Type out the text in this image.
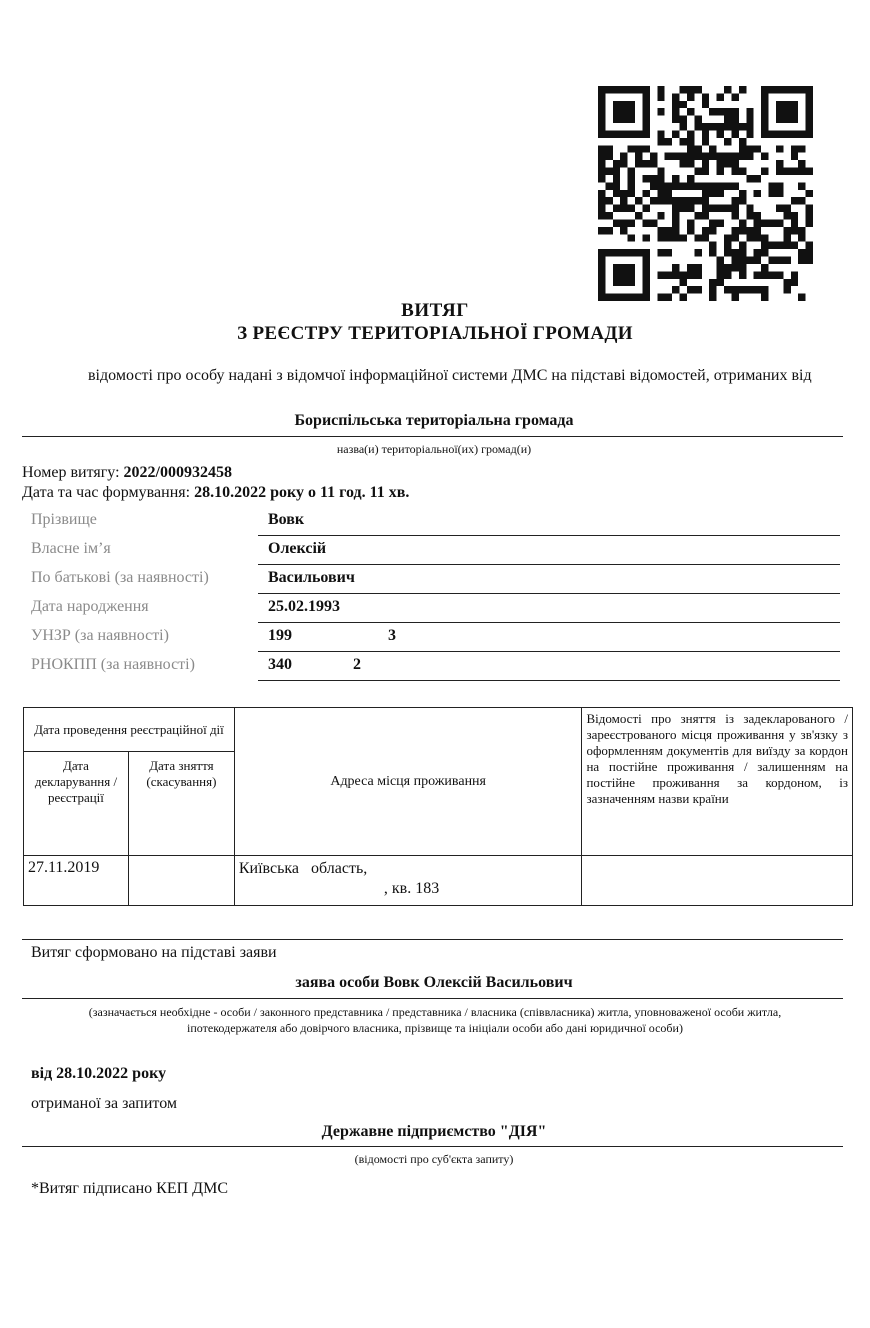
ВИТЯГ
З РЕЄСТРУ ТЕРИТОРІАЛЬНОЇ ГРОМАДИ
відомості про особу надані з відомчої інформаційної системи ДМС на підставі відомостей, отриманих від
Бориспільська територіальна громада
назва(и) територіальної(их) громад(и)
Номер витягу: 2022/000932458
Дата та час формування: 28.10.2022 року о 11 год. 11 хв.
Прізвище	Вовк
Власне ім’я	Олексій
По батькові (за наявності)	Васильович
Дата народження	25.02.1993
УНЗР (за наявності)	199	3
РНОКПП (за наявності)	340	2
Дата проведення реєстраційної дії		Адреса місця проживання	Відомості про зняття із задекларованого / зареєстрованого місця проживання у зв'язку з оформленням документів для виїзду за кордон на постійне проживання / залишенням на постійне проживання за кордоном, із зазначенням назви країни
Дата декларування /реєстрації	Дата зняття (скасування)		
27.11.2019		Київська   область,
, кв. 183	
Витяг сформовано на підставі заяви
заява особи Вовк Олексій Васильович
(зазначається необхідне - особи / законного представника / представника / власника (співвласника) житла, уповноваженої особи житла, іпотекодержателя або довірчого власника, прізвище та ініціали особи або дані юридичної особи)
від 28.10.2022 року
отриманої за запитом
Державне підприємство "ДІЯ"
(відомості про суб'єкта запиту)
*Витяг підписано КЕП ДМС
